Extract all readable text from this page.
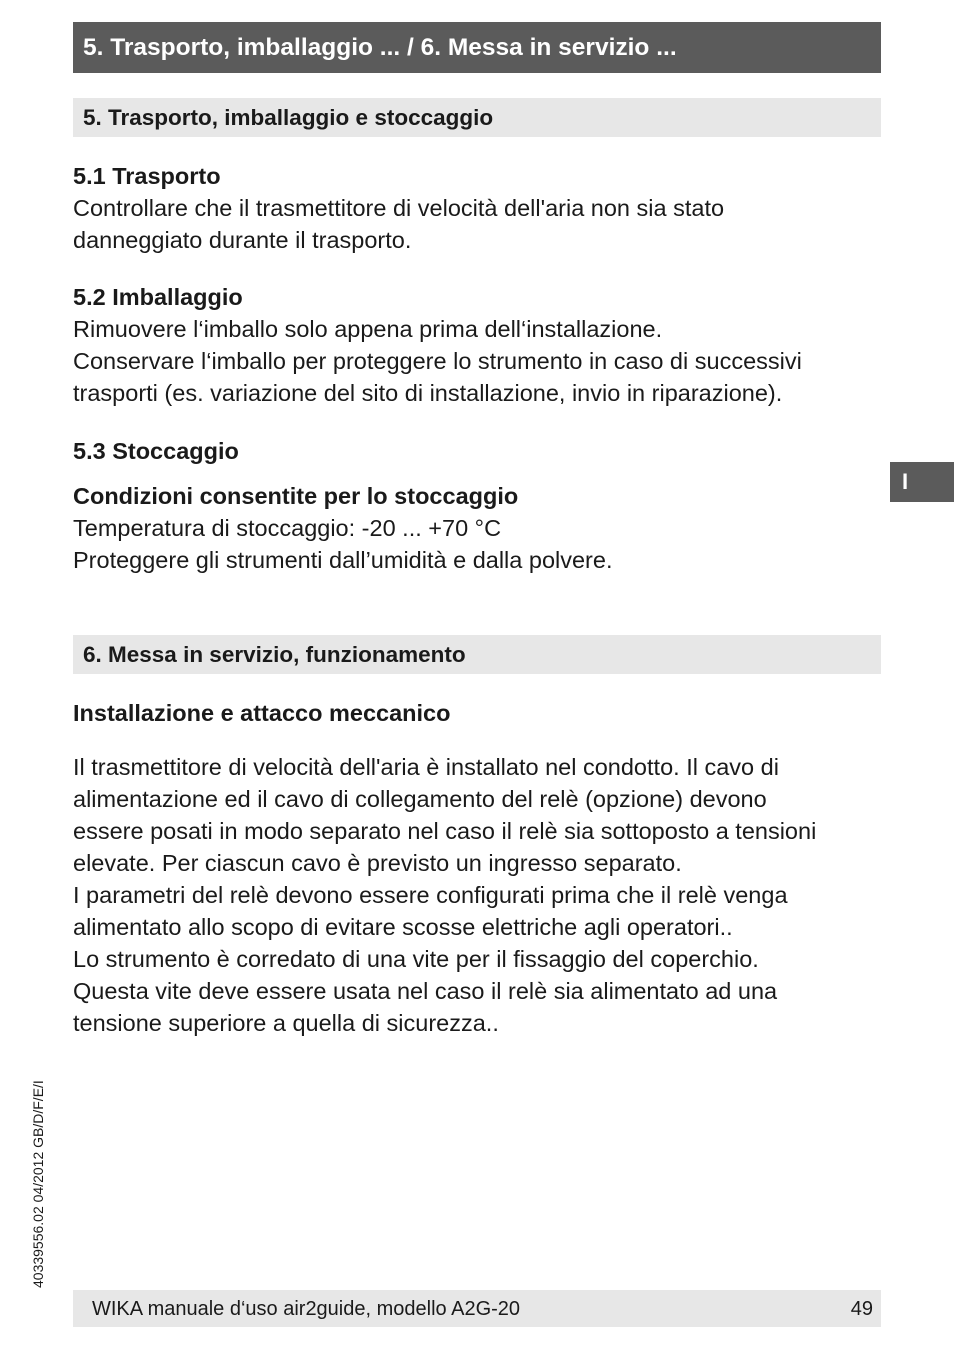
5. Trasporto, imballaggio ... / 6. Messa in servizio ...
5. Trasporto, imballaggio e stoccaggio

5.1 Trasporto

Controllare che il trasmettitore di velocità dell'aria non sia stato

danneggiato durante il trasporto.

5.2 Imballaggio

Rimuovere l‘imballo solo appena prima dell‘installazione.

Conservare l‘imballo per proteggere lo strumento in caso di successivi

trasporti (es. variazione del sito di installazione, invio in riparazione).

5.3 Stoccaggio

Condizioni consentite per lo stoccaggio

Temperatura di stoccaggio: -20 ... +70 °C

Proteggere gli strumenti dall’umidità e dalla polvere.

I
6. Messa in servizio, funzionamento

Installazione e attacco meccanico

Il trasmettitore di velocità dell'aria è installato nel condotto. Il cavo di

alimentazione ed il cavo di collegamento del relè (opzione) devono

essere posati in modo separato nel caso il relè sia sottoposto a tensioni

elevate. Per ciascun cavo è previsto un ingresso separato.

I parametri del relè devono essere configurati prima che il relè venga

alimentato allo scopo di evitare scosse elettriche agli operatori..

Lo strumento è corredato di una vite per il fissaggio del coperchio.

Questa vite deve essere usata nel caso il relè sia alimentato ad una

tensione superiore a quella di sicurezza..

40339556.02 04/2012 GB/D/F/E/I
WIKA manuale d‘uso air2guide, modello A2G-20	49
